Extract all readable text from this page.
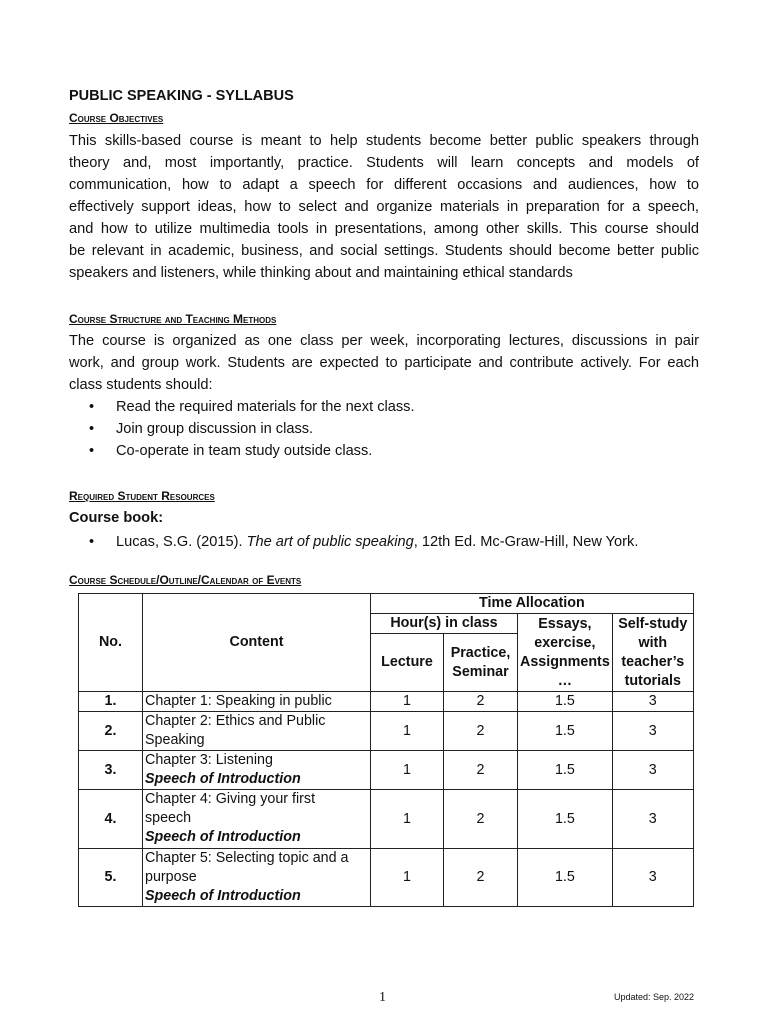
PUBLIC SPEAKING - SYLLABUS
Course Objectives
This skills-based course is meant to help students become better public speakers through
theory and, most importantly, practice. Students will learn concepts and models of
communication, how to adapt a speech for different occasions and audiences, how to
effectively support ideas, how to select and organize materials in preparation for a speech,
and how to utilize multimedia tools in presentations, among other skills. This course should
be relevant in academic, business, and social settings. Students should become better public
speakers and listeners, while thinking about and maintaining ethical standards
Course Structure and Teaching Methods
The course is organized as one class per week, incorporating lectures, discussions in pair
work, and group work. Students are expected to participate and contribute actively. For each
class students should:
• Read the required materials for the next class.
• Join group discussion in class.
• Co-operate in team study outside class.
Required Student Resources
Course book:
• Lucas, S.G. (2015). The art of public speaking, 12th Ed. Mc-Graw-Hill, New York.
Course Schedule/Outline/Calendar of Events
No.	Content	Time Allocation			
		Hour(s) in class		Essays, exercise, Assignments …	Self-study with teacher’s tutorials
		Lecture	Practice, Seminar		
1.	Chapter 1: Speaking in public	1	2	1.5	3
2.	Chapter 2: Ethics and Public
Speaking	1	2	1.5	3
3.	Chapter 3: Listening
Speech of Introduction	1	2	1.5	3
4.	Chapter 4: Giving your first
speech
Speech of Introduction	1	2	1.5	3
5.	Chapter 5: Selecting topic and a
purpose
Speech of Introduction	1	2	1.5	3
1	Updated: Sep. 2022
